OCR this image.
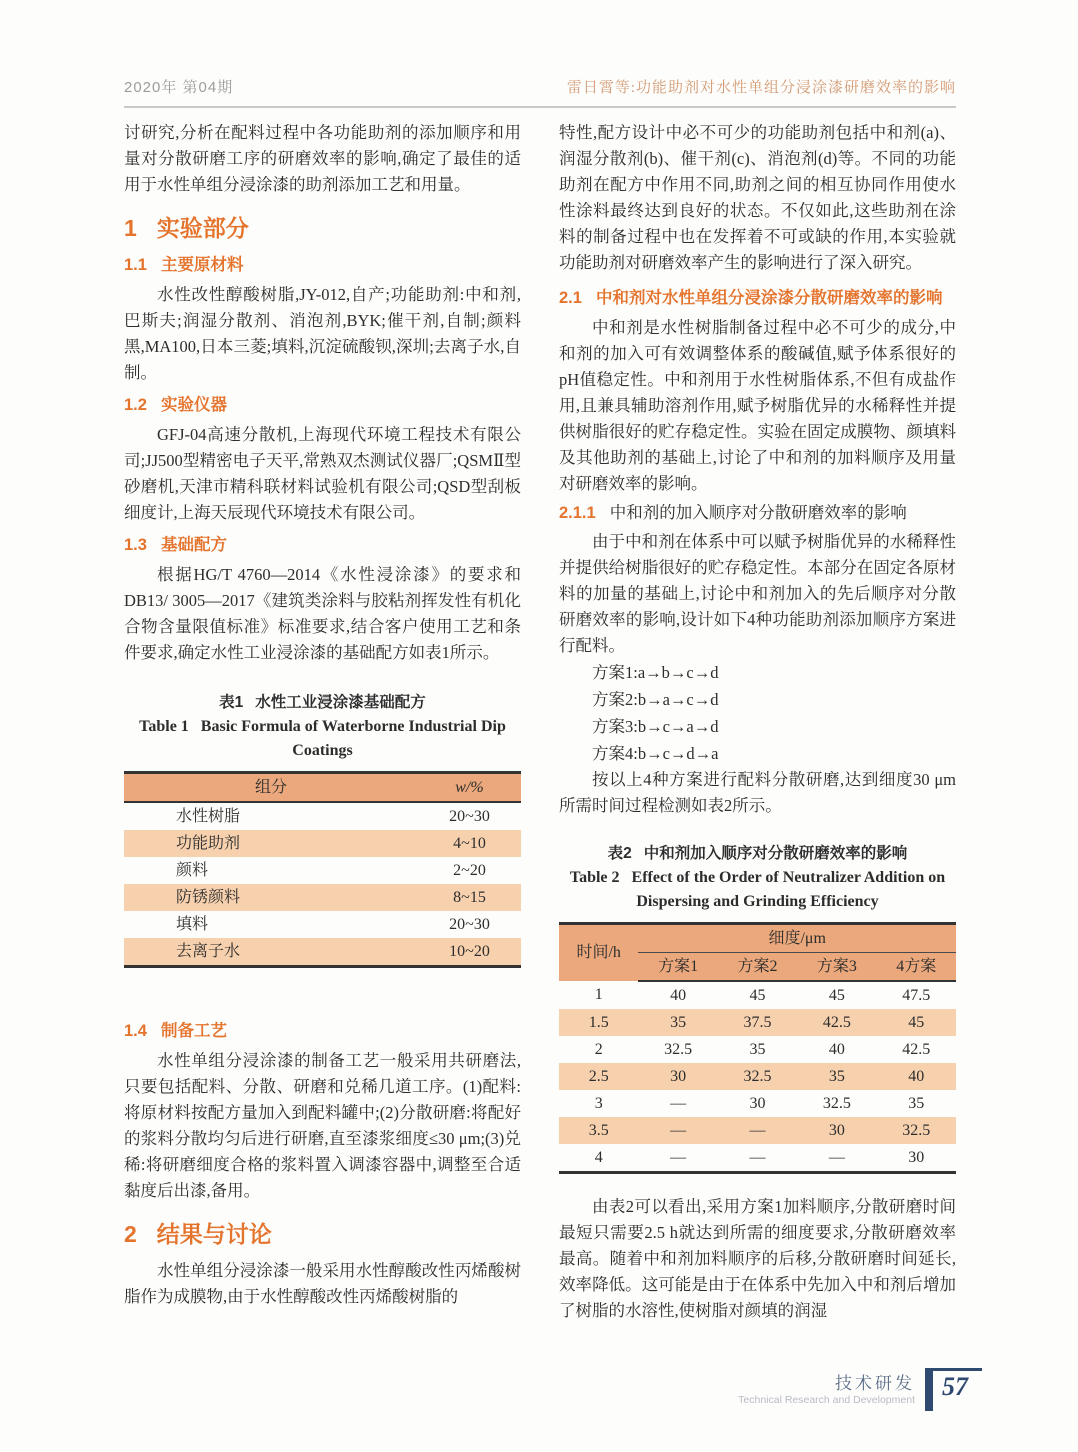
2020年 第04期	雷日霄等:功能助剂对水性单组分浸涂漆研磨效率的影响

讨研究,分析在配料过程中各功能助剂的添加顺序和用量对分散研磨工序的研磨效率的影响,确定了最佳的适用于水性单组分浸涂漆的助剂添加工艺和用量。

1 实验部分
1.1 主要原材料

水性改性醇酸树脂,JY-012,自产;功能助剂:中和剂,巴斯夫;润湿分散剂、消泡剂,BYK;催干剂,自制;颜料黑,MA100,日本三菱;填料,沉淀硫酸钡,深圳;去离子水,自制。

1.2 实验仪器

GFJ-04高速分散机,上海现代环境工程技术有限公司;JJ500型精密电子天平,常熟双杰测试仪器厂;QSMⅡ型砂磨机,天津市精科联材料试验机有限公司;QSD型刮板细度计,上海天辰现代环境技术有限公司。

1.3 基础配方

根据HG/T 4760—2014《水性浸涂漆》的要求和DB13/ 3005—2017《建筑类涂料与胶粘剂挥发性有机化合物含量限值标准》标准要求,结合客户使用工艺和条件要求,确定水性工业浸涂漆的基础配方如表1所示。

表1 水性工业浸涂漆基础配方
Table 1 Basic Formula of Waterborne Industrial Dip
Coatings
组分	w/%
水性树脂	20~30
功能助剂	4~10
颜料	2~20
防锈颜料	8~15
填料	20~30
去离子水	10~20
1.4 制备工艺

水性单组分浸涂漆的制备工艺一般采用共研磨法,只要包括配料、分散、研磨和兑稀几道工序。(1)配料:将原材料按配方量加入到配料罐中;(2)分散研磨:将配好的浆料分散均匀后进行研磨,直至漆浆细度≤30 μm;(3)兑稀:将研磨细度合格的浆料置入调漆容器中,调整至合适黏度后出漆,备用。

2 结果与讨论

水性单组分浸涂漆一般采用水性醇酸改性丙烯酸树脂作为成膜物,由于水性醇酸改性丙烯酸树脂的

特性,配方设计中必不可少的功能助剂包括中和剂(a)、润湿分散剂(b)、催干剂(c)、消泡剂(d)等。不同的功能助剂在配方中作用不同,助剂之间的相互协同作用使水性涂料最终达到良好的状态。不仅如此,这些助剂在涂料的制备过程中也在发挥着不可或缺的作用,本实验就功能助剂对研磨效率产生的影响进行了深入研究。

2.1 中和剂对水性单组分浸涂漆分散研磨效率的影响

中和剂是水性树脂制备过程中必不可少的成分,中和剂的加入可有效调整体系的酸碱值,赋予体系很好的pH值稳定性。中和剂用于水性树脂体系,不但有成盐作用,且兼具辅助溶剂作用,赋予树脂优异的水稀释性并提供树脂很好的贮存稳定性。实验在固定成膜物、颜填料及其他助剂的基础上,讨论了中和剂的加料顺序及用量对研磨效率的影响。

2.1.1 中和剂的加入顺序对分散研磨效率的影响

由于中和剂在体系中可以赋予树脂优异的水稀释性并提供给树脂很好的贮存稳定性。本部分在固定各原材料的加量的基础上,讨论中和剂加入的先后顺序对分散研磨效率的影响,设计如下4种功能助剂添加顺序方案进行配料。

方案1:a→b→c→d
方案2:b→a→c→d
方案3:b→c→a→d
方案4:b→c→d→a

按以上4种方案进行配料分散研磨,达到细度30 μm所需时间过程检测如表2所示。

表2 中和剂加入顺序对分散研磨效率的影响
Table 2 Effect of the Order of Neutralizer Addition on
Dispersing and Grinding Efficiency
时间/h	细度/μm			
	方案1	方案2	方案3	4方案
1	40	45	45	47.5
1.5	35	37.5	42.5	45
2	32.5	35	40	42.5
2.5	30	32.5	35	40
3	—	30	32.5	35
3.5	—	—	30	32.5
4	—	—	—	30

由表2可以看出,采用方案1加料顺序,分散研磨时间最短只需要2.5 h就达到所需的细度要求,分散研磨效率最高。随着中和剂加料顺序的后移,分散研磨时间延长,效率降低。这可能是由于在体系中先加入中和剂后增加了树脂的水溶性,使树脂对颜填的润湿

技术研发
Technical Research and Development	57
